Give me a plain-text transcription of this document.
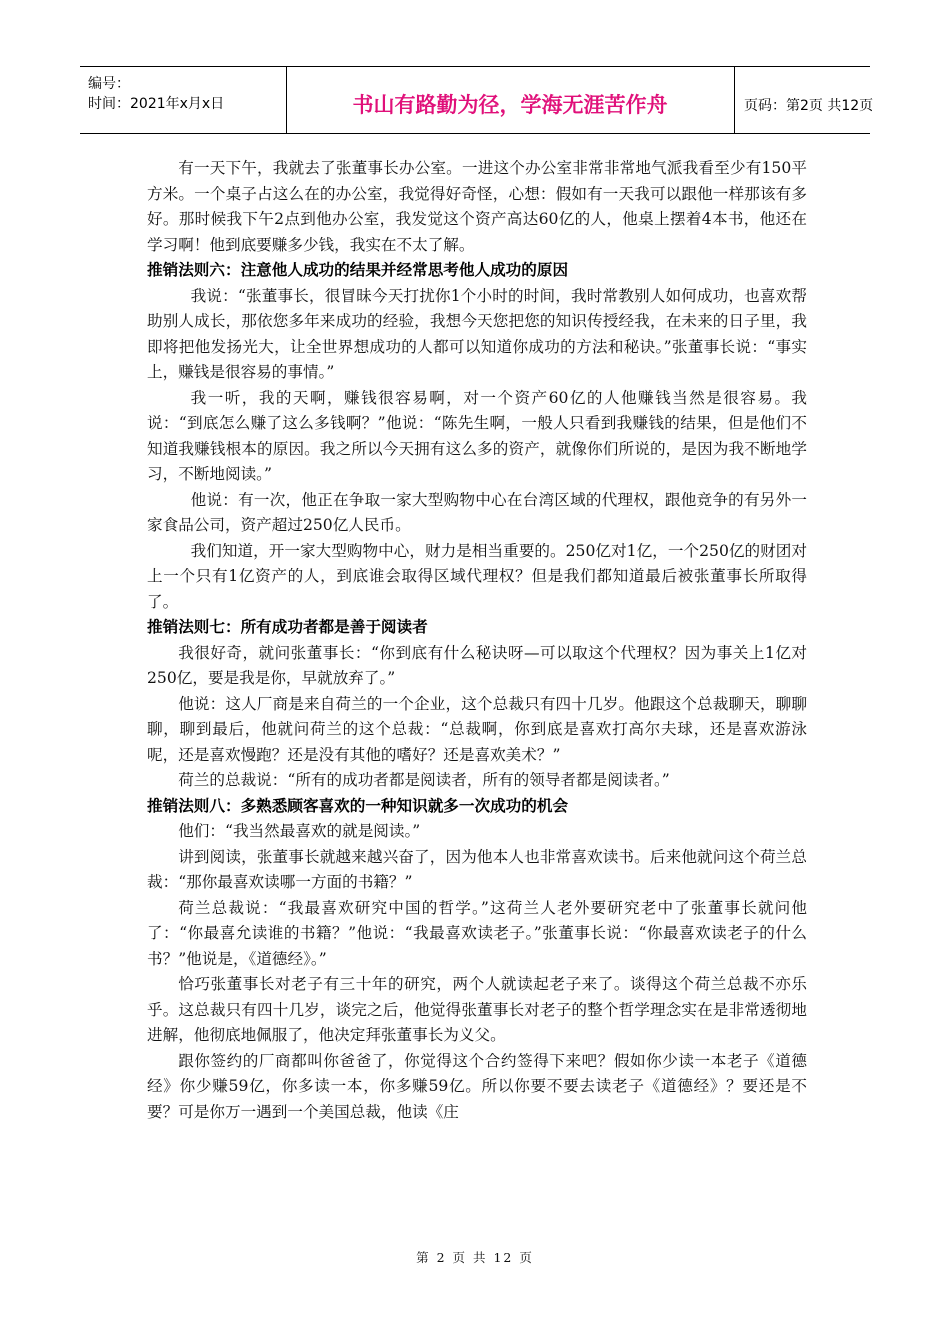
编号：
时间：2021年x月x日	书山有路勤为径，学海无涯苦作舟	页码：第2页 共12页

有一天下午，我就去了张董事长办公室。一进这个办公室非常非常地气派我看至少有150平方米。一个桌子占这么在的办公室，我觉得好奇怪，心想：假如有一天我可以跟他一样那该有多好。那时候我下午2点到他办公室，我发觉这个资产高达60亿的人，他桌上摆着4本书，他还在学习啊！他到底要赚多少钱，我实在不太了解。

推销法则六：注意他人成功的结果并经常思考他人成功的原因

我说：“张董事长，很冒昧今天打扰你1个小时的时间，我时常教别人如何成功，也喜欢帮助别人成长，那依您多年来成功的经验，我想今天您把您的知识传授经我，在未来的日子里，我即将把他发扬光大，让全世界想成功的人都可以知道你成功的方法和秘诀。”张董事长说：“事实上，赚钱是很容易的事情。”

我一听，我的天啊，赚钱很容易啊，对一个资产60亿的人他赚钱当然是很容易。我说：“到底怎么赚了这么多钱啊？”他说：“陈先生啊，一般人只看到我赚钱的结果，但是他们不知道我赚钱根本的原因。我之所以今天拥有这么多的资产，就像你们所说的，是因为我不断地学习，不断地阅读。”

他说：有一次，他正在争取一家大型购物中心在台湾区域的代理权，跟他竞争的有另外一家食品公司，资产超过250亿人民币。

我们知道，开一家大型购物中心，财力是相当重要的。250亿对1亿，一个250亿的财团对上一个只有1亿资产的人，到底谁会取得区域代理权？但是我们都知道最后被张董事长所取得了。

推销法则七：所有成功者都是善于阅读者

我很好奇，就问张董事长：“你到底有什么秘诀呀—可以取这个代理权？因为事关上1亿对250亿，要是我是你，早就放弃了。”

他说：这人厂商是来自荷兰的一个企业，这个总裁只有四十几岁。他跟这个总裁聊天，聊聊聊，聊到最后，他就问荷兰的这个总裁：“总裁啊，你到底是喜欢打高尔夫球，还是喜欢游泳呢，还是喜欢慢跑？还是没有其他的嗜好？还是喜欢美术？”

荷兰的总裁说：“所有的成功者都是阅读者，所有的领导者都是阅读者。”

推销法则八：多熟悉顾客喜欢的一种知识就多一次成功的机会

他们：“我当然最喜欢的就是阅读。”

讲到阅读，张董事长就越来越兴奋了，因为他本人也非常喜欢读书。后来他就问这个荷兰总裁：“那你最喜欢读哪一方面的书籍？”

荷兰总裁说：“我最喜欢研究中国的哲学。”这荷兰人老外要研究老中了张董事长就问他了：“你最喜允读谁的书籍？”他说：“我最喜欢读老子。”张董事长说：“你最喜欢读老子的什么书？”他说是，《道德经》。”

恰巧张董事长对老子有三十年的研究，两个人就读起老子来了。谈得这个荷兰总裁不亦乐乎。这总裁只有四十几岁，谈完之后，他觉得张董事长对老子的整个哲学理念实在是非常透彻地进解，他彻底地佩服了，他决定拜张董事长为义父。

跟你签约的厂商都叫你爸爸了，你觉得这个合约签得下来吧？假如你少读一本老子《道德经》你少赚59亿，你多读一本，你多赚59亿。所以你要不要去读老子《道德经》？要还是不要？可是你万一遇到一个美国总裁，他读《庄

第 2 页 共 12 页
